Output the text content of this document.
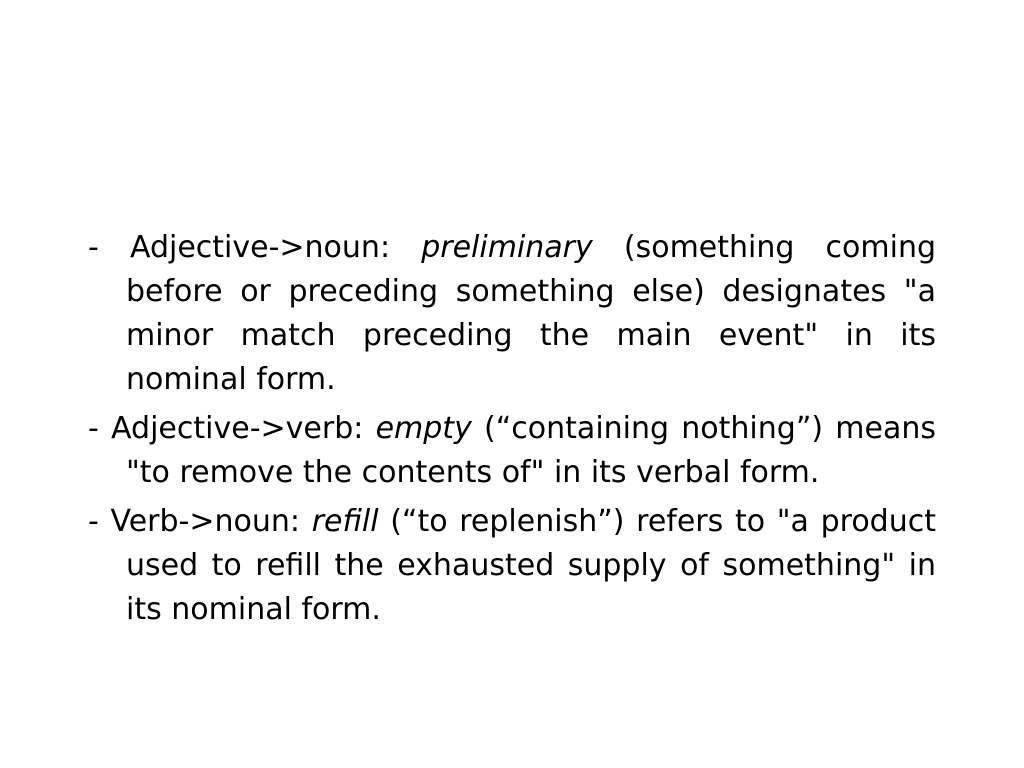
- Adjective->noun: preliminary (something coming before or preceding something else) designates "a minor match preceding the main event" in its nominal form.

- Adjective->verb: empty (“containing nothing”) means "to remove the contents of" in its verbal form.

- Verb->noun: refill (“to replenish”) refers to "a product used to refill the exhausted supply of something" in its nominal form.
